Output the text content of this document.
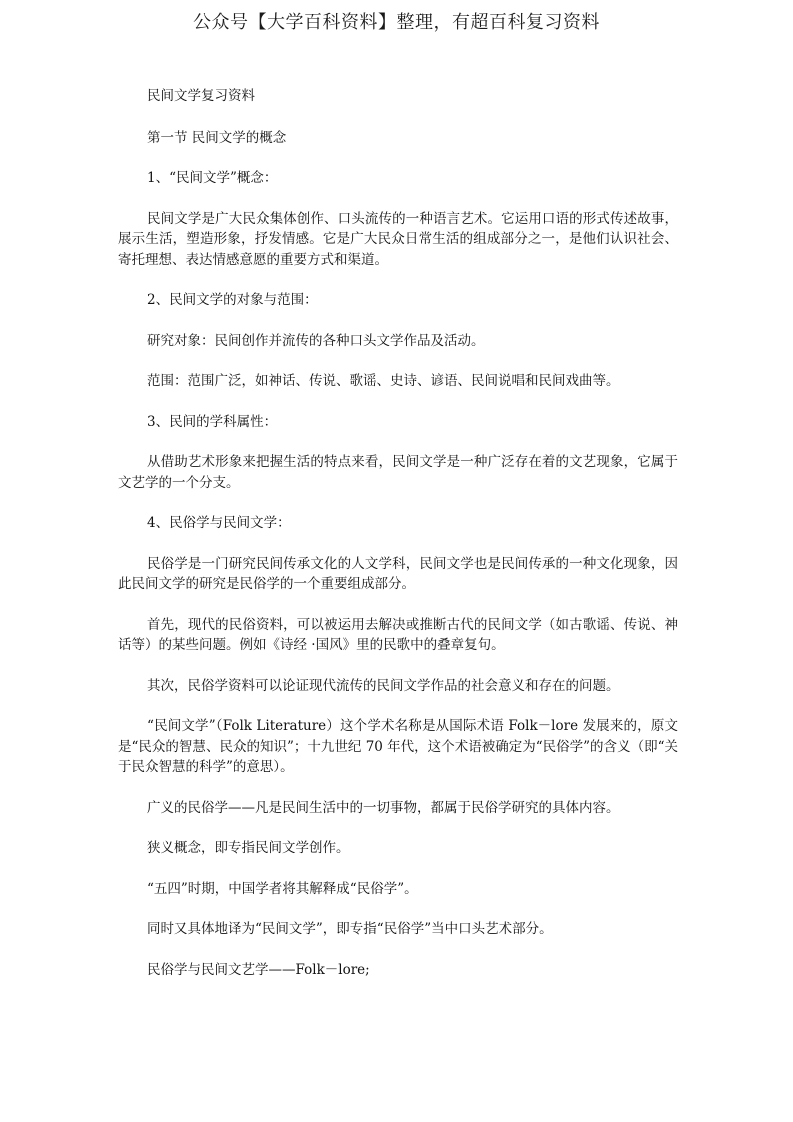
公众号【大学百科资料】整理，有超百科复习资料

民间文学复习资料

第一节 民间文学的概念

1、“民间文学”概念：

民间文学是广大民众集体创作、口头流传的一种语言艺术。它运用口语的形式传述故事，展示生活，塑造形象，抒发情感。它是广大民众日常生活的组成部分之一，是他们认识社会、寄托理想、表达情感意愿的重要方式和渠道。

2、民间文学的对象与范围：

研究对象：民间创作并流传的各种口头文学作品及活动。

范围：范围广泛，如神话、传说、歌谣、史诗、谚语、民间说唱和民间戏曲等。

3、民间的学科属性：

从借助艺术形象来把握生活的特点来看，民间文学是一种广泛存在着的文艺现象，它属于文艺学的一个分支。

4、民俗学与民间文学：

民俗学是一门研究民间传承文化的人文学科，民间文学也是民间传承的一种文化现象，因此民间文学的研究是民俗学的一个重要组成部分。

首先，现代的民俗资料，可以被运用去解决或推断古代的民间文学（如古歌谣、传说、神话等）的某些问题。例如《诗经 ·国风》里的民歌中的叠章复句。

其次，民俗学资料可以论证现代流传的民间文学作品的社会意义和存在的问题。

“民间文学”（Folk Literature）这个学术名称是从国际术语 Folk－lore 发展来的，原文是“民众的智慧、民众的知识”；十九世纪 70 年代，这个术语被确定为“民俗学”的含义（即“关于民众智慧的科学”的意思）。

广义的民俗学——凡是民间生活中的一切事物，都属于民俗学研究的具体内容。

狭义概念，即专指民间文学创作。

“五四”时期，中国学者将其解释成“民俗学”。

同时又具体地译为“民间文学”，即专指“民俗学”当中口头艺术部分。

民俗学与民间文艺学——Folk－lore;
